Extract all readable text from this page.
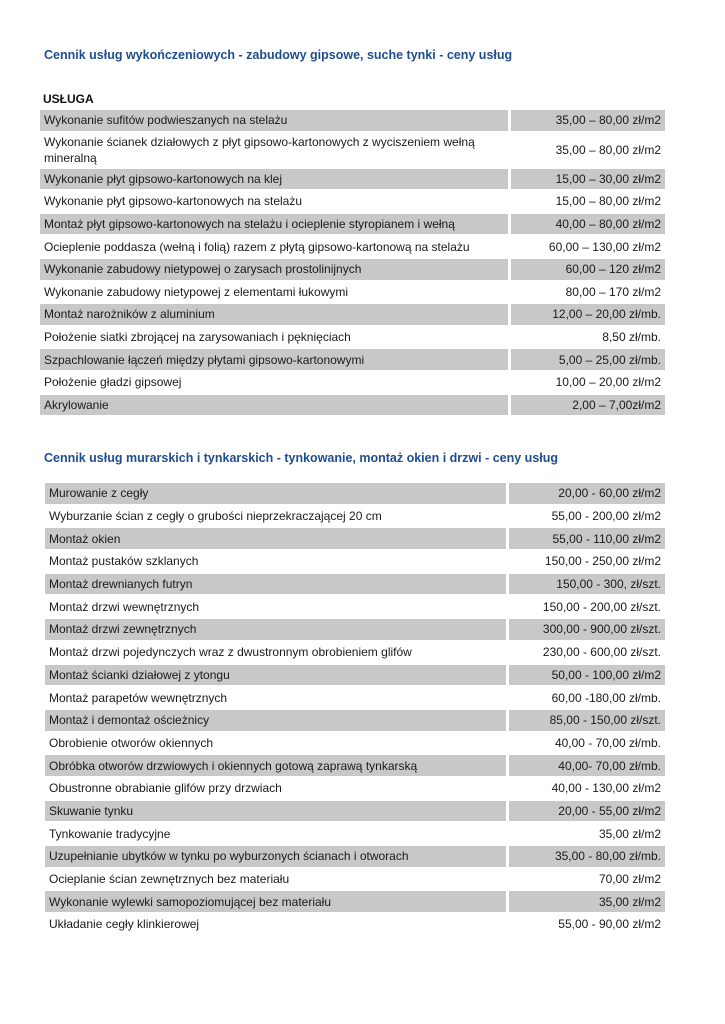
Cennik usług wykończeniowych - zabudowy gipsowe, suche tynki - ceny usług
USŁUGA
Wykonanie sufitów podwieszanych na stelażu		35,00 – 80,00 zł/m2
Wykonanie ścianek działowych z płyt gipsowo-kartonowych z wyciszeniem wełną mineralną		35,00 – 80,00 zł/m2
Wykonanie płyt gipsowo-kartonowych na klej		15,00 – 30,00 zł/m2
Wykonanie płyt gipsowo-kartonowych na stelażu		15,00 – 80,00 zł/m2
Montaż płyt gipsowo-kartonowych na stelażu i ocieplenie styropianem i wełną		40,00 – 80,00 zł/m2
Ocieplenie poddasza (wełną i folią) razem z płytą gipsowo-kartonową na stelażu		60,00 – 130,00 zł/m2
Wykonanie zabudowy nietypowej o zarysach prostolinijnych		60,00 – 120 zł/m2
Wykonanie zabudowy nietypowej z elementami łukowymi		80,00 – 170 zł/m2
Montaż narożników z aluminium		12,00 – 20,00 zł/mb.
Położenie siatki zbrojącej na zarysowaniach i pęknięciach		8,50 zł/mb.
Szpachlowanie łączeń między płytami gipsowo-kartonowymi		5,00 – 25,00 zł/mb.
Położenie gładzi gipsowej		10,00 – 20,00 zł/m2
Akrylowanie		2,00 – 7,00zł/m2
Cennik usług murarskich i tynkarskich - tynkowanie, montaż okien i drzwi - ceny usług
Murowanie z cegły		20,00 - 60,00 zł/m2
Wyburzanie ścian z cegły o grubości nieprzekraczającej 20 cm		55,00 - 200,00 zł/m2
Montaż okien		55,00 - 110,00 zł/m2
Montaż pustaków szklanych		150,00 - 250,00 zł/m2
Montaż drewnianych futryn		150,00 - 300, zł/szt.
Montaż drzwi wewnętrznych		150,00 - 200,00 zł/szt.
Montaż drzwi zewnętrznych		300,00 - 900,00 zł/szt.
Montaż drzwi pojedynczych wraz z dwustronnym obrobieniem glifów		230,00 - 600,00 zł/szt.
Montaż ścianki działowej z ytongu		50,00 - 100,00 zł/m2
Montaż parapetów wewnętrznych		60,00 -180,00 zł/mb.
Montaż i demontaż ościeżnicy		85,00 - 150,00 zł/szt.
Obrobienie otworów okiennych		40,00 - 70,00 zł/mb.
Obróbka otworów drzwiowych i okiennych gotową zaprawą tynkarską		40,00- 70,00 zł/mb.
Obustronne obrabianie glifów przy drzwiach		40,00 - 130,00 zł/m2
Skuwanie tynku		20,00 - 55,00 zł/m2
Tynkowanie tradycyjne		35,00 zł/m2
Uzupełnianie ubytków w tynku po wyburzonych ścianach i otworach		35,00 - 80,00 zł/mb.
Ocieplanie ścian zewnętrznych bez materiału		70,00 zł/m2
Wykonanie wylewki samopoziomującej bez materiału		35,00 zł/m2
Układanie cegły klinkierowej		55,00 - 90,00 zł/m2
